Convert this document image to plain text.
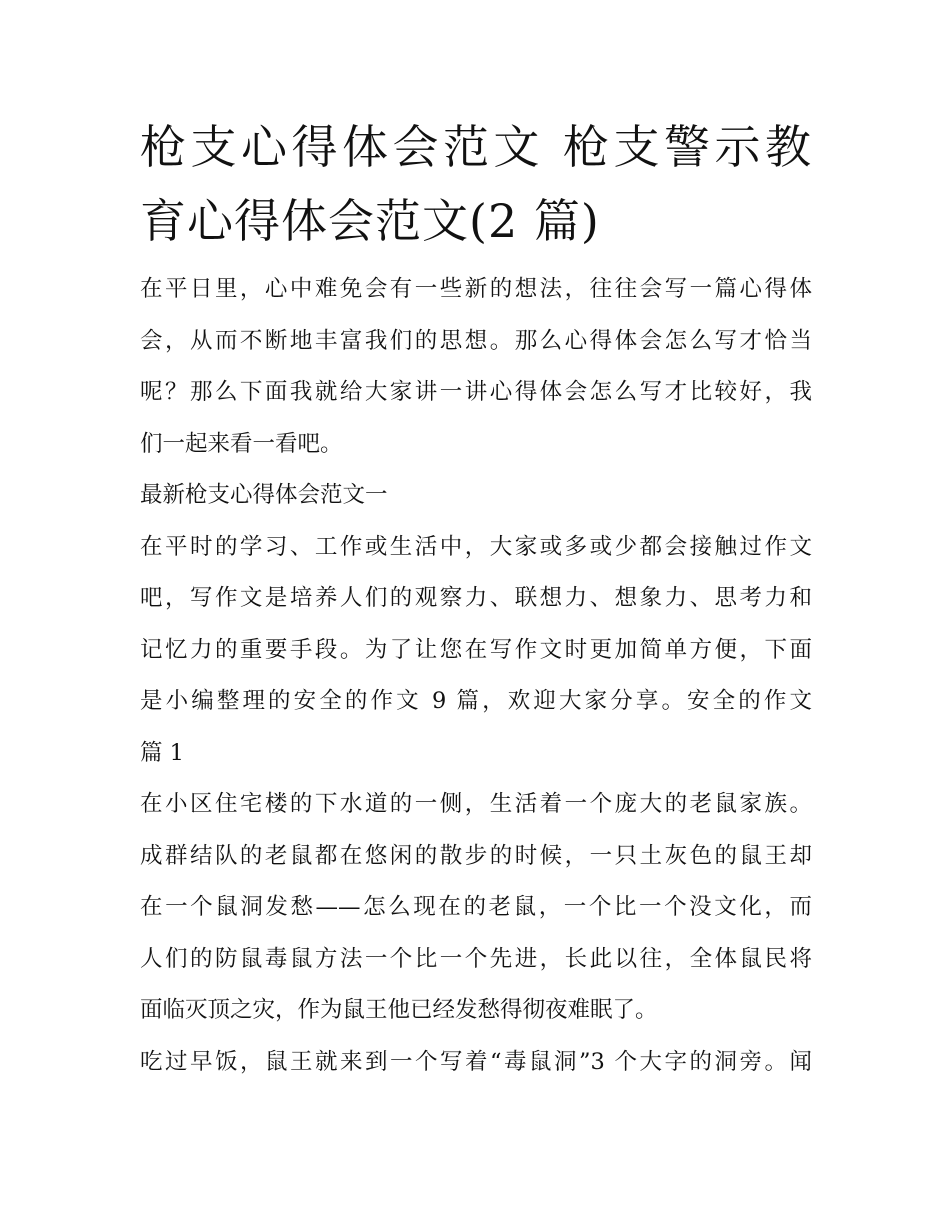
枪支心得体会范文 枪支警示教
育心得体会范文(2 篇)

在平日里，心中难免会有一些新的想法，往往会写一篇心得体
会，从而不断地丰富我们的思想。那么心得体会怎么写才恰当
呢？那么下面我就给大家讲一讲心得体会怎么写才比较好，我
们一起来看一看吧。

最新枪支心得体会范文一

在平时的学习、工作或生活中，大家或多或少都会接触过作文
吧，写作文是培养人们的观察力、联想力、想象力、思考力和
记忆力的重要手段。为了让您在写作文时更加简单方便，下面
是小编整理的安全的作文 9 篇，欢迎大家分享。安全的作文
篇 1

在小区住宅楼的下水道的一侧，生活着一个庞大的老鼠家族。
成群结队的老鼠都在悠闲的散步的时候，一只土灰色的鼠王却
在一个鼠洞发愁——怎么现在的老鼠，一个比一个没文化，而
人们的防鼠毒鼠方法一个比一个先进，长此以往，全体鼠民将
面临灭顶之灾，作为鼠王他已经发愁得彻夜难眠了。

吃过早饭，鼠王就来到一个写着“毒鼠洞”3 个大字的洞旁。闻
